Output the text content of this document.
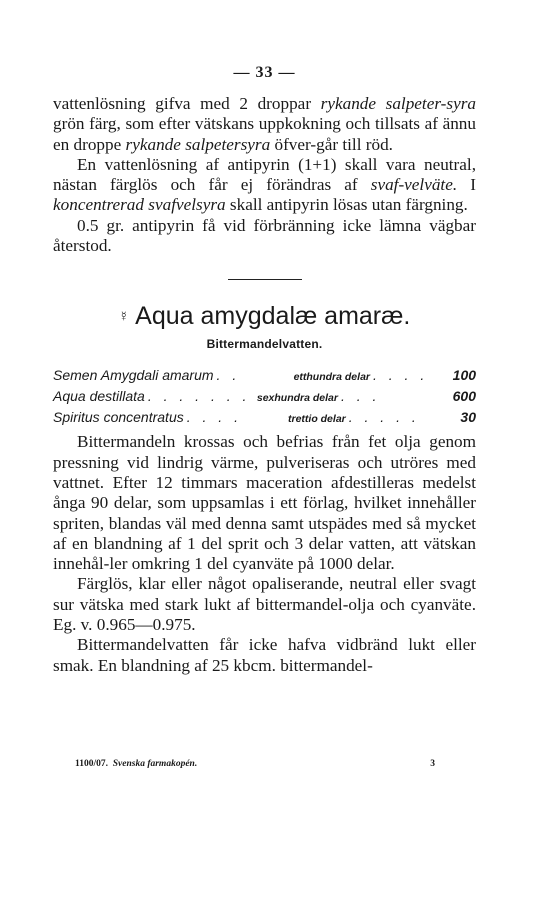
— 33 —

vattenlösning gifva med 2 droppar rykande salpeter-syra grön färg, som efter vätskans uppkokning och tillsats af ännu en droppe rykande salpetersyra öfver-går till röd.

En vattenlösning af antipyrin (1+1) skall vara neutral, nästan färglös och får ej förändras af svaf-velväte. I koncentrerad svafvelsyra skall antipyrin lösas utan färgning.

0.5 gr. antipyrin få vid förbränning icke lämna vägbar återstod.

☿ Aqua amygdalæ amaræ.
Bittermandelvatten.
Semen Amygdali amarum . .	etthundra delar . . . .	100
Aqua destillata . . . . . . . sexhundra delar . . .	600
Spiritus concentratus . . . .	trettio delar . . . . .	30

Bittermandeln krossas och befrias från fet olja genom pressning vid lindrig värme, pulveriseras och utröres med vattnet. Efter 12 timmars maceration afdestilleras medelst ånga 90 delar, som uppsamlas i ett förlag, hvilket innehåller spriten, blandas väl med denna samt utspädes med så mycket af en blandning af 1 del sprit och 3 delar vatten, att vätskan innehål-ler omkring 1 del cyanväte på 1000 delar.

Färglös, klar eller något opaliserande, neutral eller svagt sur vätska med stark lukt af bittermandel-olja och cyanväte. Eg. v. 0.965—0.975.

Bittermandelvatten får icke hafva vidbränd lukt eller smak. En blandning af 25 kbcm. bittermandel-

1100/07. Svenska farmakopén.	3
